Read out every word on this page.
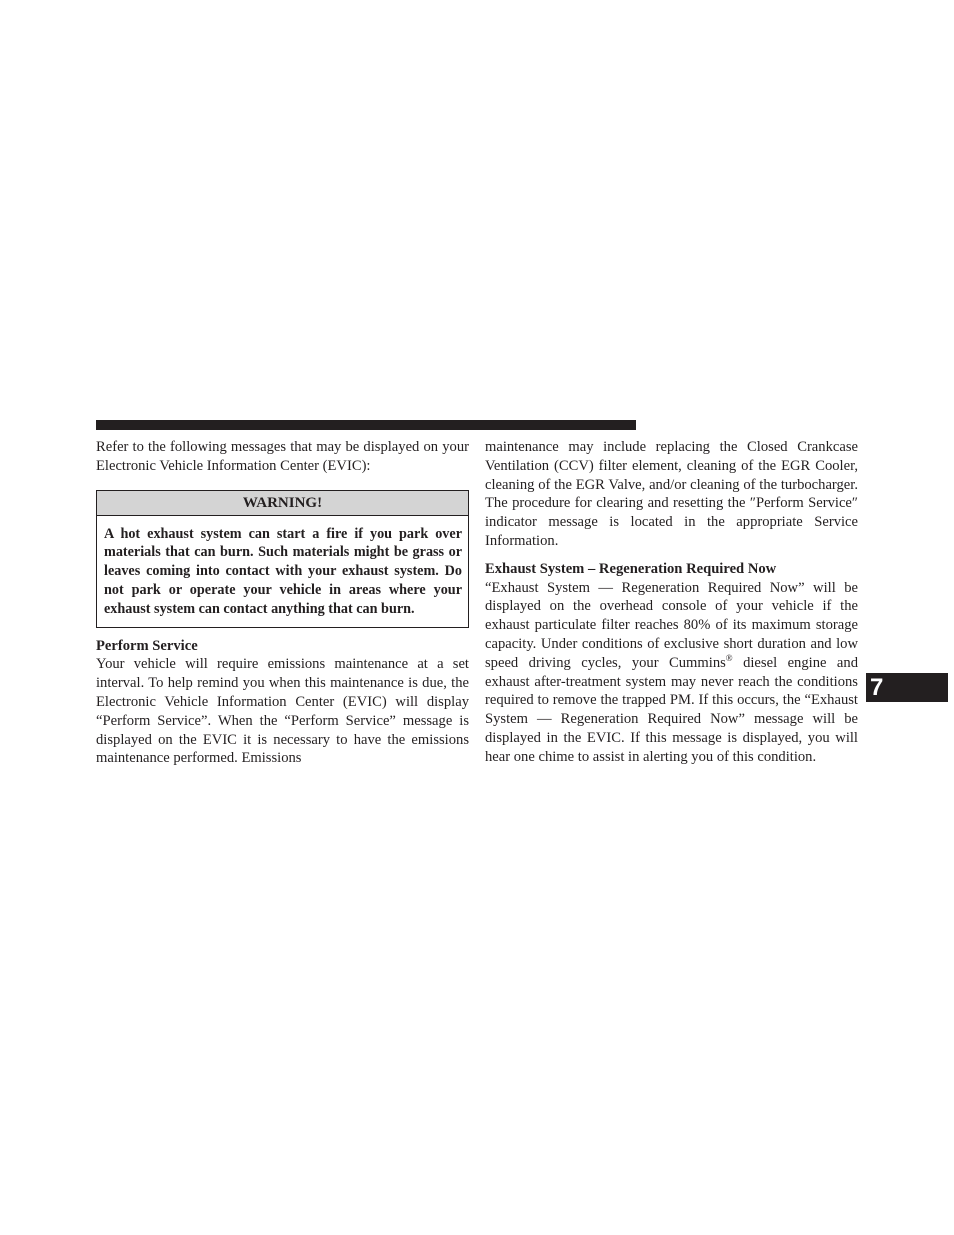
Refer to the following messages that may be displayed on your Electronic Vehicle Information Center (EVIC):

WARNING!
A hot exhaust system can start a fire if you park over materials that can burn. Such materials might be grass or leaves coming into contact with your exhaust system. Do not park or operate your vehicle in areas where your exhaust system can contact anything that can burn.

Perform Service

Your vehicle will require emissions maintenance at a set interval. To help remind you when this maintenance is due, the Electronic Vehicle Information Center (EVIC) will display “Perform Service”. When the “Perform Service” message is displayed on the EVIC it is necessary to have the emissions maintenance performed. Emissions

maintenance may include replacing the Closed Crankcase Ventilation (CCV) filter element, cleaning of the EGR Cooler, cleaning of the EGR Valve, and/or cleaning of the turbocharger. The procedure for clearing and resetting the ″Perform Service″ indicator message is located in the appropriate Service Information.

Exhaust System – Regeneration Required Now

“Exhaust System — Regeneration Required Now” will be displayed on the overhead console of your vehicle if the exhaust particulate filter reaches 80% of its maximum storage capacity. Under conditions of exclusive short duration and low speed driving cycles, your Cummins® diesel engine and exhaust after-treatment system may never reach the conditions required to remove the trapped PM. If this occurs, the “Exhaust System — Regeneration Required Now” message will be displayed in the EVIC. If this message is displayed, you will hear one chime to assist in alerting you of this condition.

7
